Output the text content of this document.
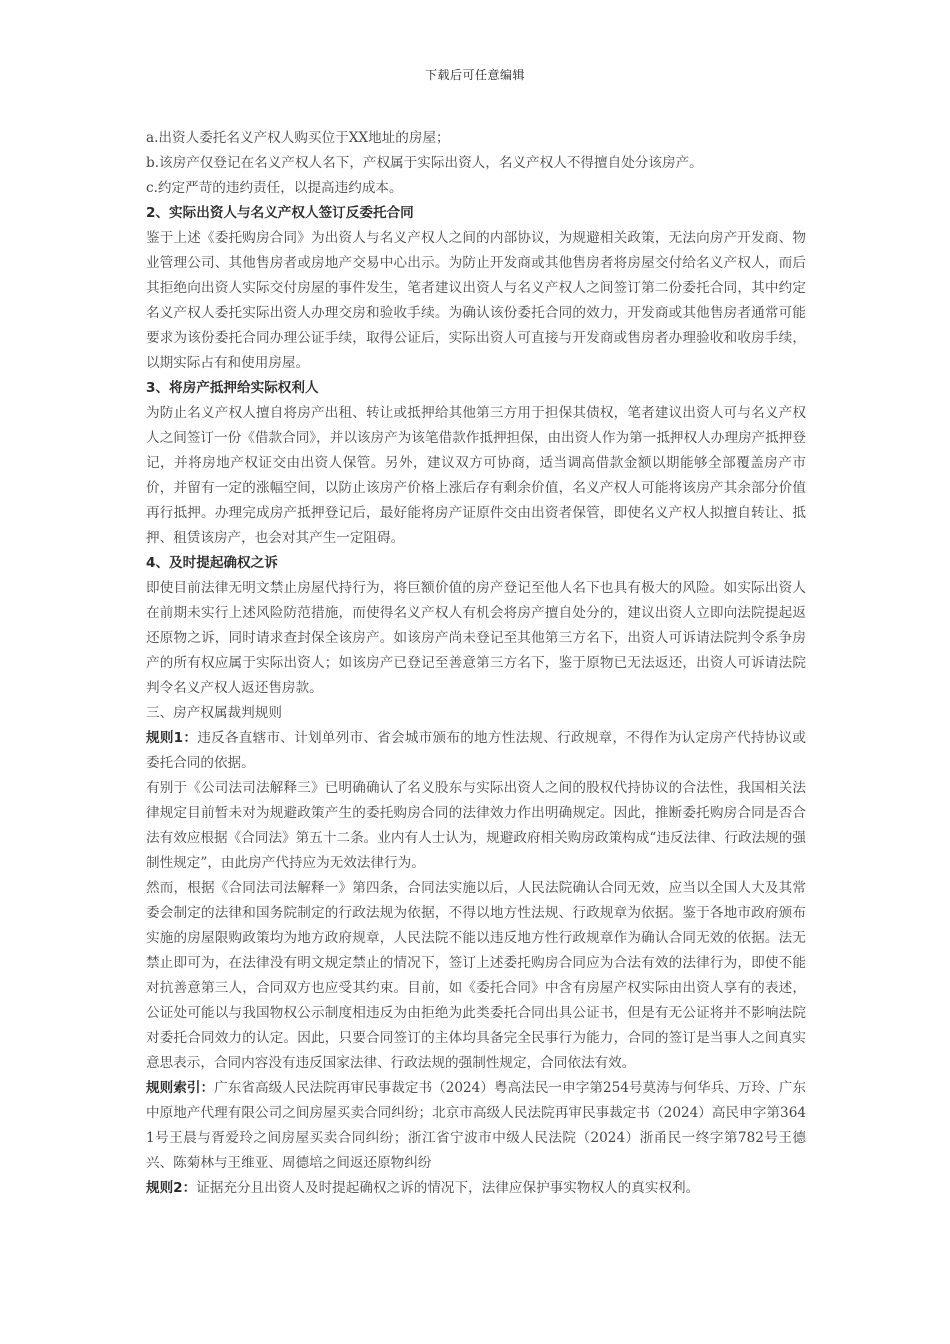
下载后可任意编辑

a.出资人委托名义产权人购买位于XX地址的房屋；

b.该房产仅登记在名义产权人名下，产权属于实际出资人，名义产权人不得擅自处分该房产。

c.约定严苛的违约责任，以提高违约成本。

2、实际出资人与名义产权人签订反委托合同

鉴于上述《委托购房合同》为出资人与名义产权人之间的内部协议，为规避相关政策，无法向房产开发商、物业管理公司、其他售房者或房地产交易中心出示。为防止开发商或其他售房者将房屋交付给名义产权人，而后其拒绝向出资人实际交付房屋的事件发生，笔者建议出资人与名义产权人之间签订第二份委托合同，其中约定名义产权人委托实际出资人办理交房和验收手续。为确认该份委托合同的效力，开发商或其他售房者通常可能要求为该份委托合同办理公证手续，取得公证后，实际出资人可直接与开发商或售房者办理验收和收房手续，以期实际占有和使用房屋。

3、将房产抵押给实际权利人

为防止名义产权人擅自将房产出租、转让或抵押给其他第三方用于担保其债权，笔者建议出资人可与名义产权人之间签订一份《借款合同》，并以该房产为该笔借款作抵押担保，由出资人作为第一抵押权人办理房产抵押登记，并将房地产权证交由出资人保管。另外，建议双方可协商，适当调高借款金额以期能够全部覆盖房产市价，并留有一定的涨幅空间，以防止该房产价格上涨后存有剩余价值，名义产权人可能将该房产其余部分价值再行抵押。办理完成房产抵押登记后，最好能将房产证原件交由出资者保管，即使名义产权人拟擅自转让、抵押、租赁该房产，也会对其产生一定阻碍。

4、及时提起确权之诉

即使目前法律无明文禁止房屋代持行为，将巨额价值的房产登记至他人名下也具有极大的风险。如实际出资人在前期未实行上述风险防范措施，而使得名义产权人有机会将房产擅自处分的，建议出资人立即向法院提起返还原物之诉，同时请求查封保全该房产。如该房产尚未登记至其他第三方名下，出资人可诉请法院判令系争房产的所有权应属于实际出资人；如该房产已登记至善意第三方名下，鉴于原物已无法返还，出资人可诉请法院判令名义产权人返还售房款。

三、房产权属裁判规则

规则1：违反各直辖市、计划单列市、省会城市颁布的地方性法规、行政规章，不得作为认定房产代持协议或委托合同的依据。

有别于《公司法司法解释三》已明确确认了名义股东与实际出资人之间的股权代持协议的合法性，我国相关法律规定目前暂未对为规避政策产生的委托购房合同的法律效力作出明确规定。因此，推断委托购房合同是否合法有效应根据《合同法》第五十二条。业内有人士认为，规避政府相关购房政策构成“违反法律、行政法规的强制性规定”，由此房产代持应为无效法律行为。

然而，根据《合同法司法解释一》第四条，合同法实施以后，人民法院确认合同无效，应当以全国人大及其常委会制定的法律和国务院制定的行政法规为依据，不得以地方性法规、行政规章为依据。鉴于各地市政府颁布实施的房屋限购政策均为地方政府规章，人民法院不能以违反地方性行政规章作为确认合同无效的依据。法无禁止即可为，在法律没有明文规定禁止的情况下，签订上述委托购房合同应为合法有效的法律行为，即使不能对抗善意第三人，合同双方也应受其约束。目前，如《委托合同》中含有房屋产权实际由出资人享有的表述，公证处可能以与我国物权公示制度相违反为由拒绝为此类委托合同出具公证书，但是有无公证将并不影响法院对委托合同效力的认定。因此，只要合同签订的主体均具备完全民事行为能力，合同的签订是当事人之间真实意思表示，合同内容没有违反国家法律、行政法规的强制性规定，合同依法有效。

规则索引：广东省高级人民法院再审民事裁定书（2024）粤高法民一申字第254号莫涛与何华兵、万玲、广东中原地产代理有限公司之间房屋买卖合同纠纷；北京市高级人民法院再审民事裁定书（2024）高民申字第3641号王晨与胥爱玲之间房屋买卖合同纠纷；浙江省宁波市中级人民法院（2024）浙甬民一终字第782号王德兴、陈菊林与王维亚、周德培之间返还原物纠纷

规则2：证据充分且出资人及时提起确权之诉的情况下，法律应保护事实物权人的真实权利。
